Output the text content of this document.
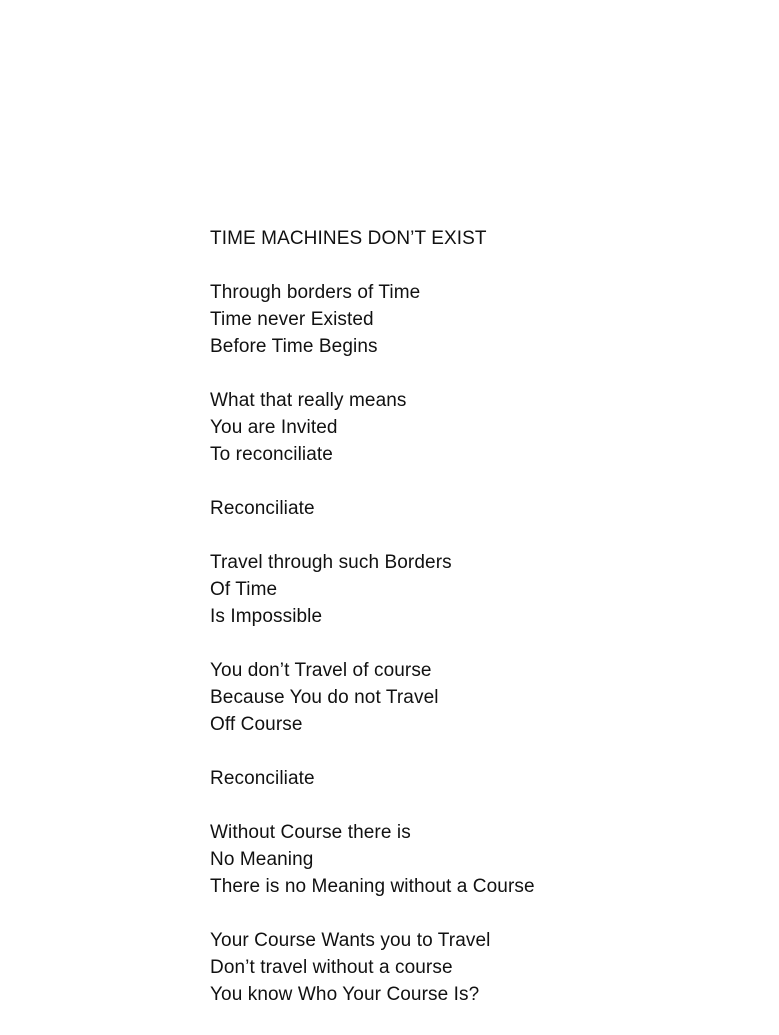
TIME MACHINES DON’T EXIST
Through borders of Time
Time never Existed
Before Time Begins
What that really means
You are Invited
To reconciliate
Reconciliate
Travel through such Borders
Of Time
Is Impossible
You don’t Travel of course
Because You do not Travel
Off Course
Reconciliate
Without Course there is
No Meaning
There is no Meaning without a Course
Your Course Wants you to Travel
Don’t travel without a course
You know Who Your Course Is?
